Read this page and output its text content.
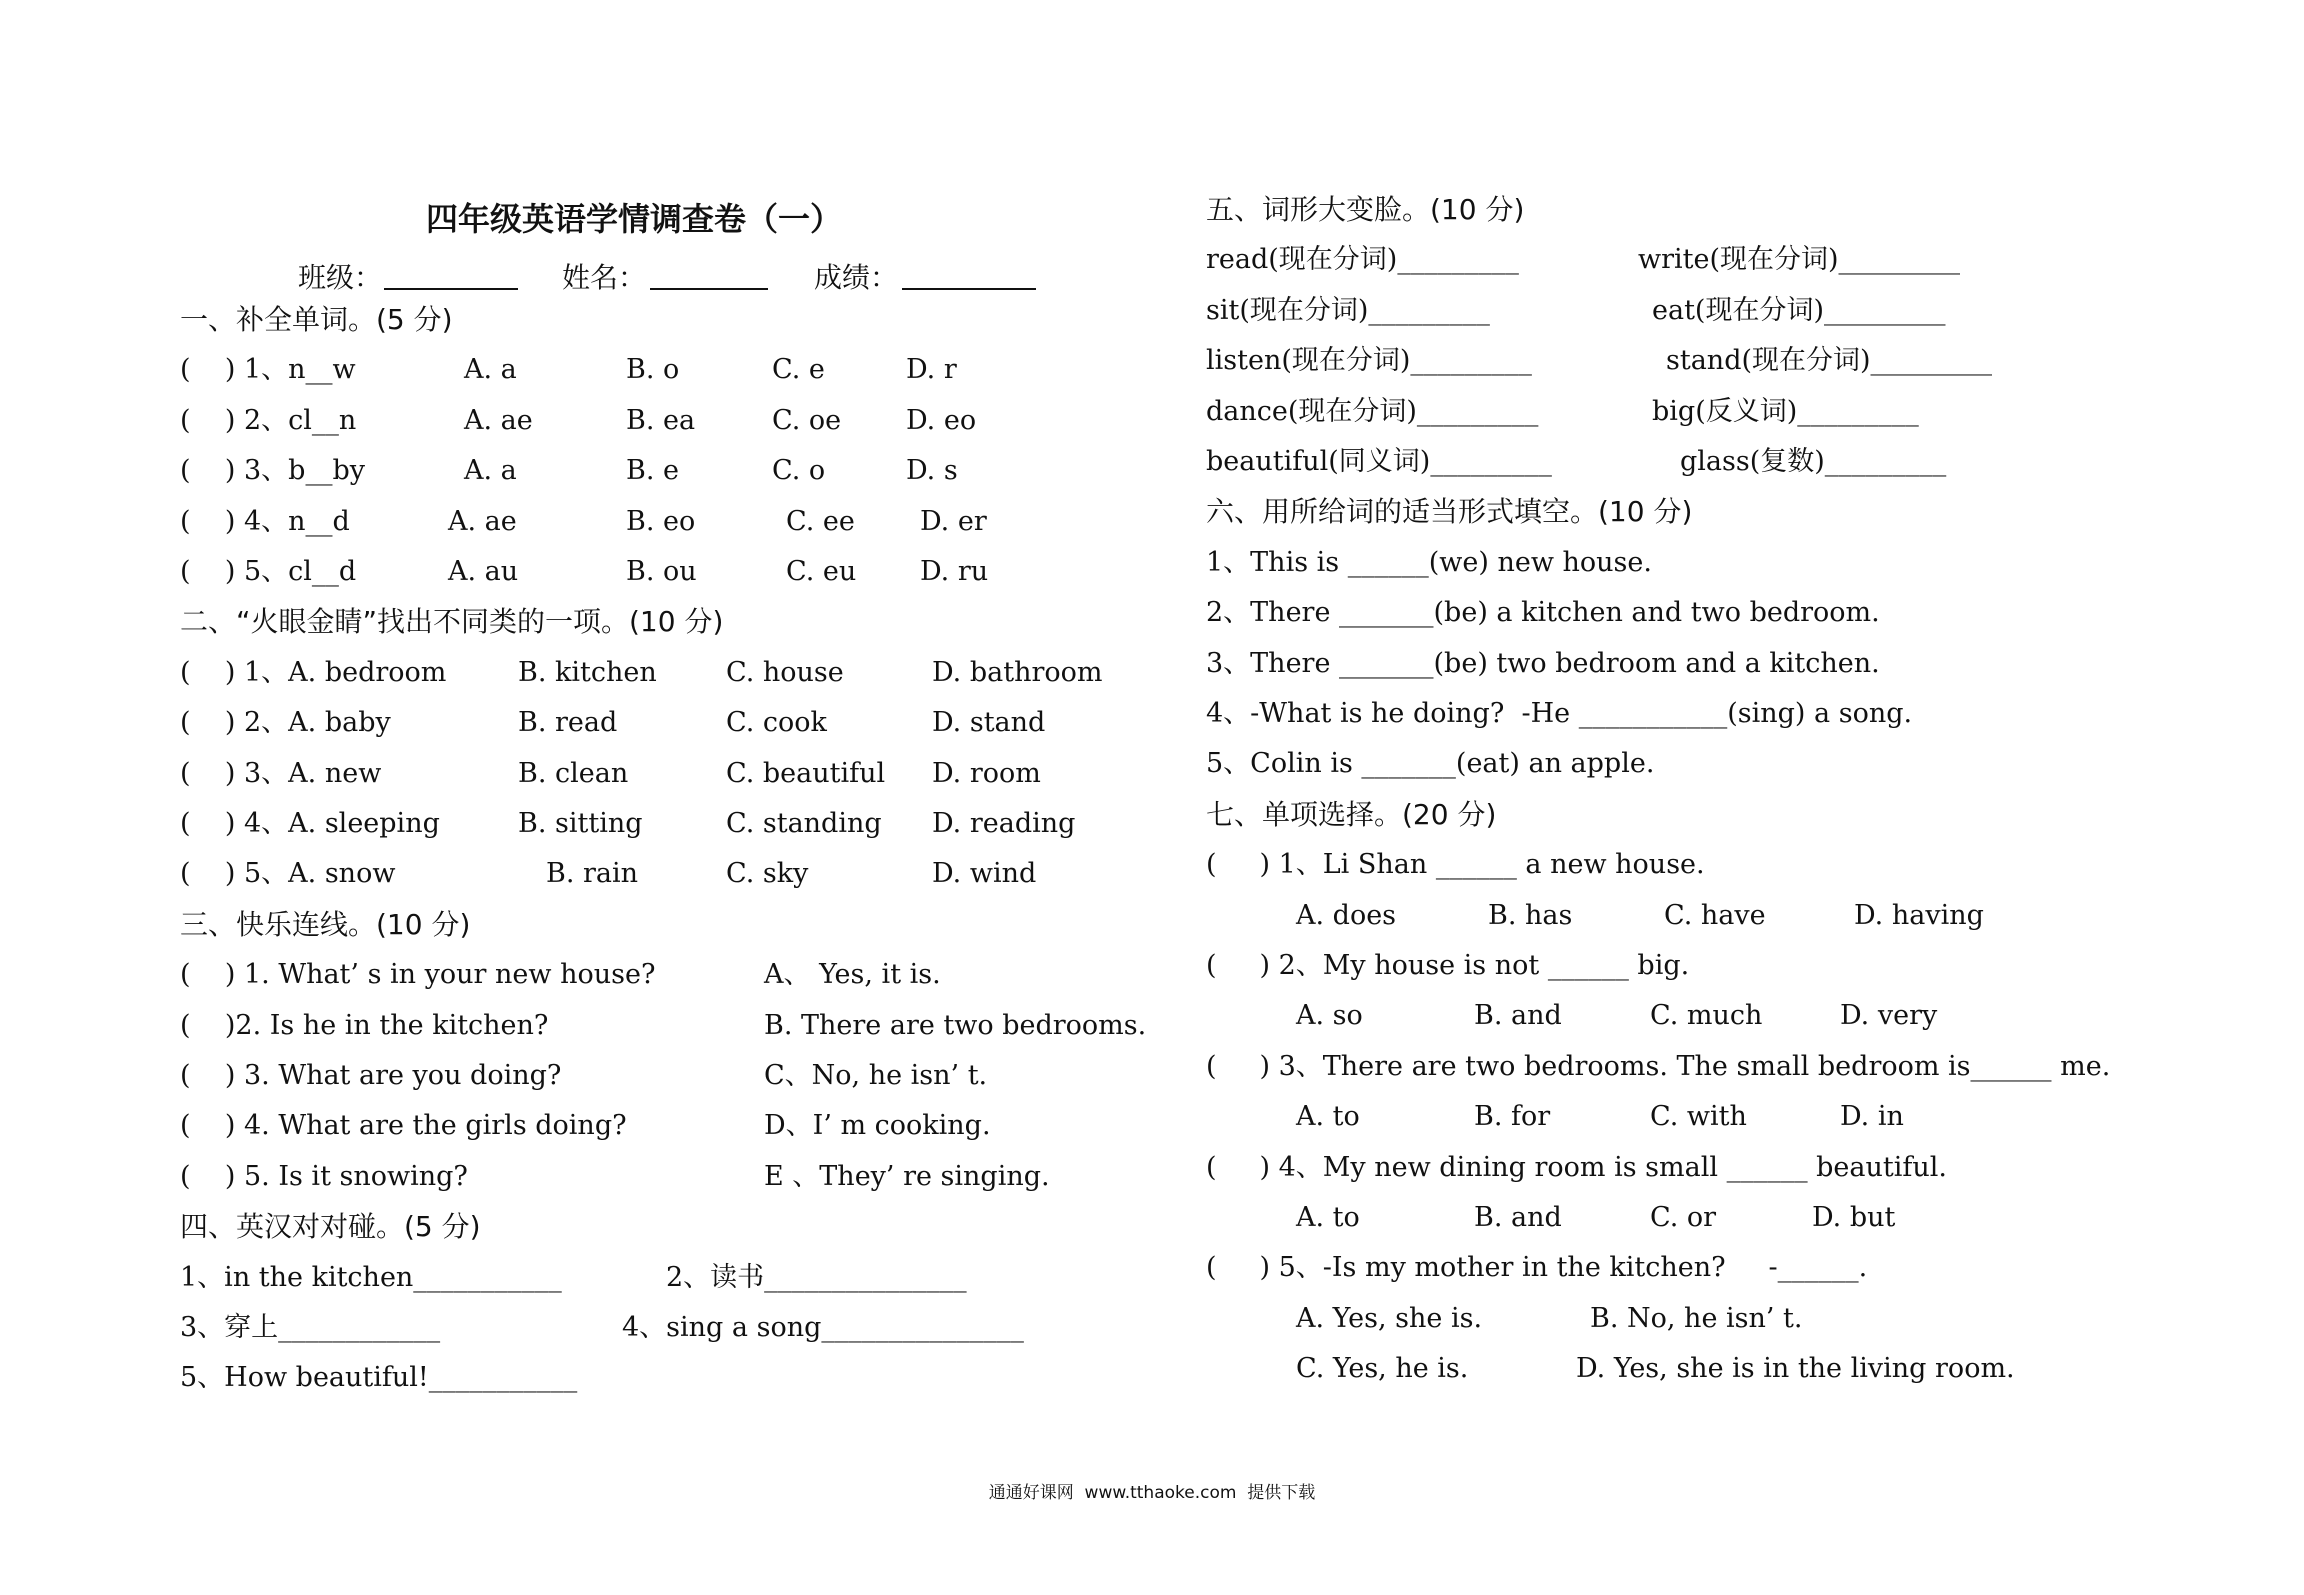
四年级英语学情调查卷（一）
班级：	姓名：	成绩：
一、补全单词。(5 分)
(    ) 1、n__w	A. a	B. o	C. e	D. r
(    ) 2、cl__n	A. ae	B. ea	C. oe D. eo
(    ) 3、b__by	A. a	B. e	C. o	D. s
(    ) 4、n__d	A. ae	B. eo	C. ee D. er
(    ) 5、cl__d	A. au	B. ou	C. eu D. ru
二、“火眼金睛”找出不同类的一项。(10 分)
(    ) 1、A. bedroom	B. kitchen	C. house	D. bathroom
(    ) 2、A. baby	B. read	C. cook	D. stand
(    ) 3、A. new	B. clean	C. beautiful D. room
(    ) 4、A. sleeping	B. sitting	C. standing D. reading
(    ) 5、A. snow	B. rain	C. sky	D. wind
三、快乐连线。(10 分)
(    ) 1. What’ s in your new house?	A、 Yes, it is.
(    )2. Is he in the kitchen?	B. There are two bedrooms.
(    ) 3. What are you doing?	C、No, he isn’ t.
(    ) 4. What are the girls doing?	D、I’ m cooking.
(    ) 5. Is it snowing?	E 、They’ re singing.
四、英汉对对碰。(5 分)
1、in the kitchen___________	2、读书_______________
3、穿上____________	4、sing a song_______________
5、How beautiful!___________
五、词形大变脸。(10 分)
read(现在分词)_________	write(现在分词)_________
sit(现在分词)_________	eat(现在分词)_________
listen(现在分词)_________	stand(现在分词)_________
dance(现在分词)_________	big(反义词)_________
beautiful(同义词)_________	glass(复数)_________
六、用所给词的适当形式填空。(10 分)
1、This is ______(we) new house.
2、There _______(be) a kitchen and two bedroom.
3、There _______(be) two bedroom and a kitchen.
4、-What is he doing?  -He ___________(sing) a song.
5、Colin is _______(eat) an apple.
七、单项选择。(20 分)
(     ) 1、Li Shan ______ a new house.
A. does	B. has	C. have	D. having
(     ) 2、My house is not ______ big.
A. so	B. and	C. much	D. very
(     ) 3、There are two bedrooms. The small bedroom is______ me.
A. to	B. for	C. with	D. in
(     ) 4、My new dining room is small ______ beautiful.
A. to	B. and	C. or	D. but
(     ) 5、-Is my mother in the kitchen?     -______.
A. Yes, she is.	B. No, he isn’ t.
C. Yes, he is.	D. Yes, she is in the living room.
通通好课网  www.tthaoke.com  提供下载
